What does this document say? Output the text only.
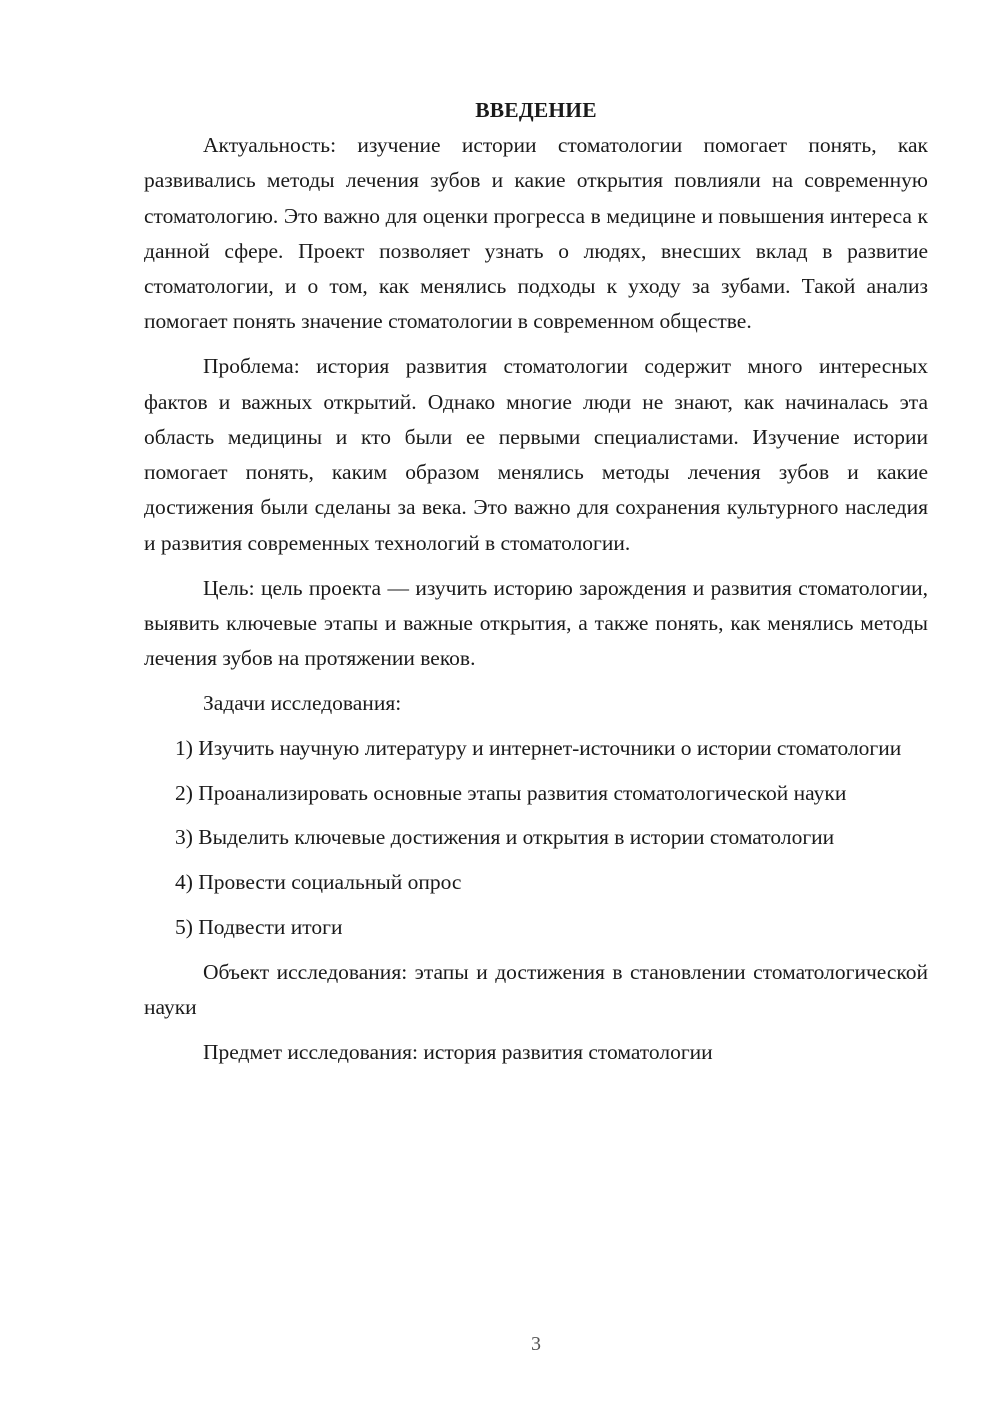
ВВЕДЕНИЕ

Актуальность: изучение истории стоматологии помогает понять, как развивались методы лечения зубов и какие открытия повлияли на современную стоматологию. Это важно для оценки прогресса в медицине и повышения интереса к данной сфере. Проект позволяет узнать о людях, внесших вклад в развитие стоматологии, и о том, как менялись подходы к уходу за зубами. Такой анализ помогает понять значение стоматологии в современном обществе.

Проблема: история развития стоматологии содержит много интересных фактов и важных открытий. Однако многие люди не знают, как начиналась эта область медицины и кто были ее первыми специалистами. Изучение истории помогает понять, каким образом менялись методы лечения зубов и какие достижения были сделаны за века. Это важно для сохранения культурного наследия и развития современных технологий в стоматологии.

Цель: цель проекта — изучить историю зарождения и развития стоматологии, выявить ключевые этапы и важные открытия, а также понять, как менялись методы лечения зубов на протяжении веков.

Задачи исследования:

1) Изучить научную литературу и интернет-источники о истории стоматологии

2) Проанализировать основные этапы развития стоматологической науки

3) Выделить ключевые достижения и открытия в истории стоматологии

4) Провести социальный опрос

5) Подвести итоги

Объект исследования: этапы и достижения в становлении стоматологической науки

Предмет исследования: история развития стоматологии

3
